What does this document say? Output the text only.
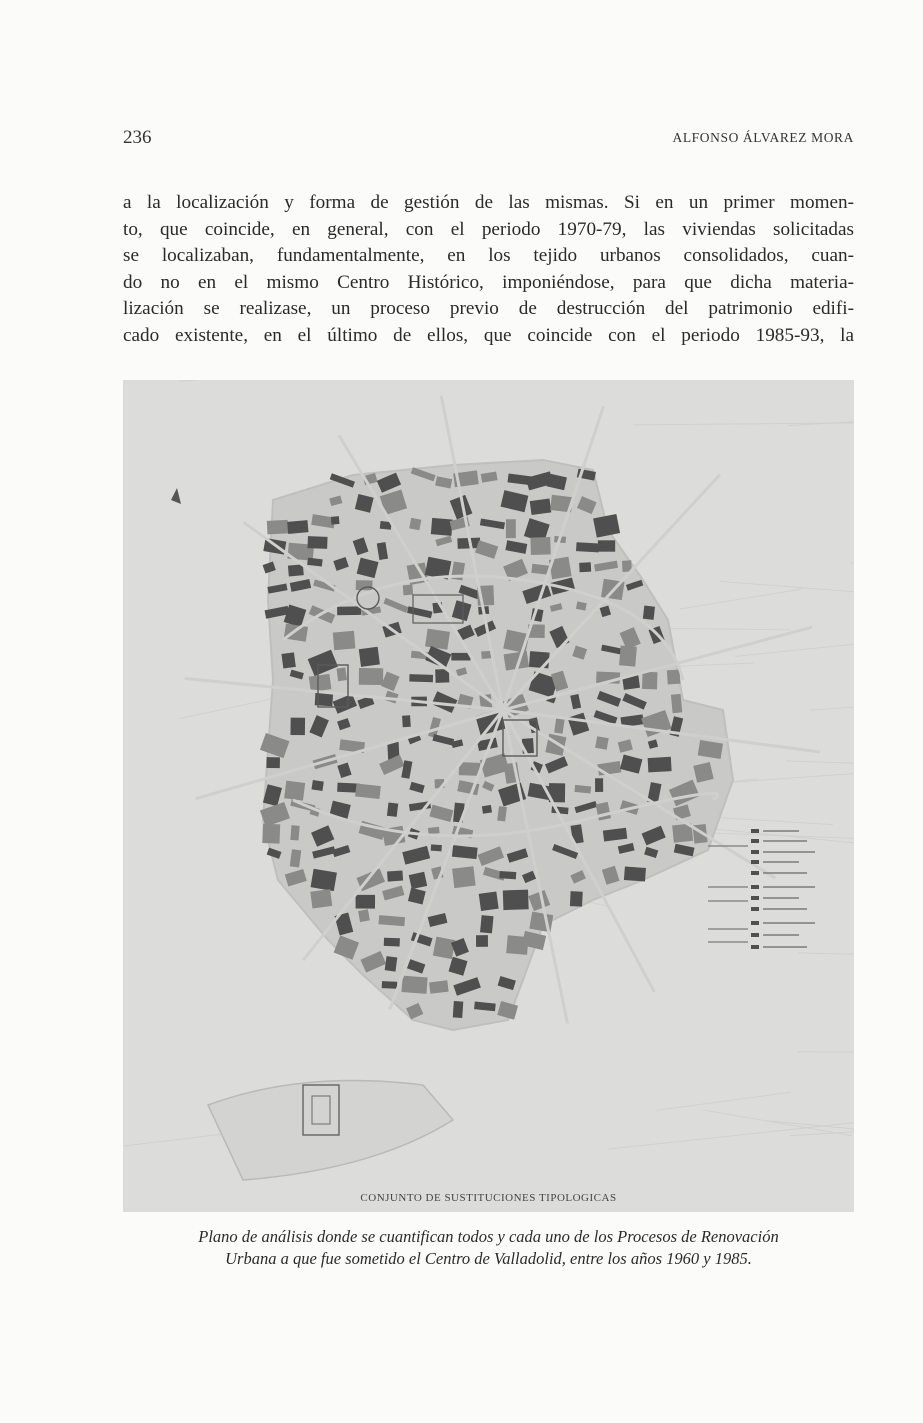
236	ALFONSO ÁLVAREZ MORA
a la localización y forma de gestión de las mismas. Si en un primer momen-
to, que coincide, en general, con el periodo 1970-79, las viviendas solicitadas
se localizaban, fundamentalmente, en los tejido urbanos consolidados, cuan-
do no en el mismo Centro Histórico, imponiéndose, para que dicha materia-
lización se realizase, un proceso previo de destrucción del patrimonio edifi-
cado existente, en el último de ellos, que coincide con el periodo 1985-93, la
CONJUNTO DE SUSTITUCIONES TIPOLOGICAS
Plano de análisis donde se cuantifican todos y cada uno de los Procesos de Renovación
Urbana a que fue sometido el Centro de Valladolid, entre los años 1960 y 1985.
